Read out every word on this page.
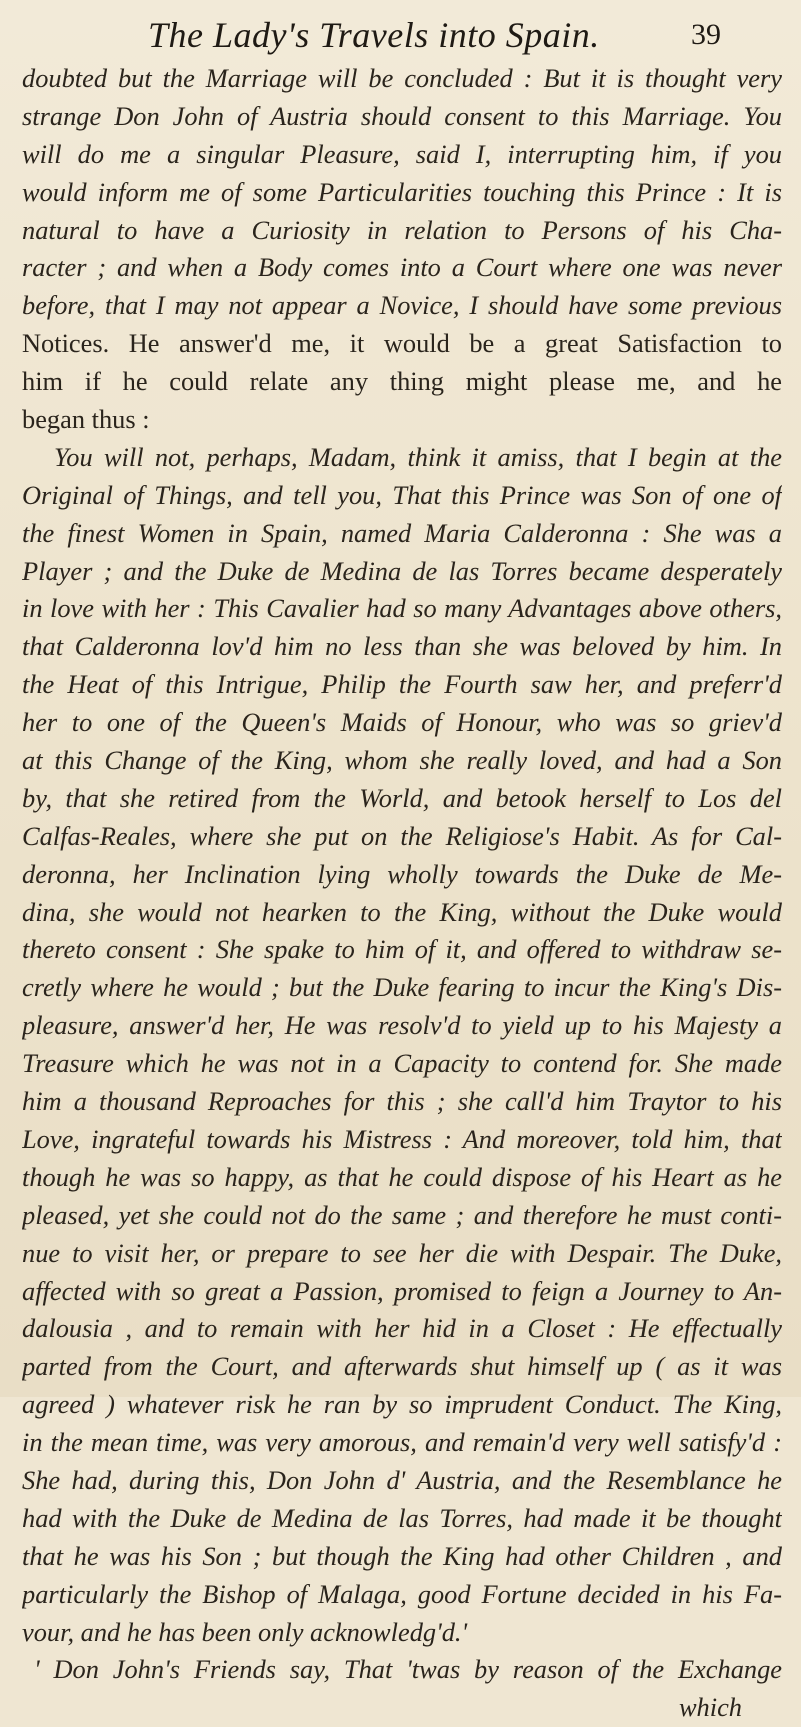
The Lady's Travels into Spain.	39
doubted but the Marriage will be concluded : But it is thought very
strange Don John of Austria should consent to this Marriage. You
will do me a singular Pleasure, said I, interrupting him, if you
would inform me of some Particularities touching this Prince : It is
natural to have a Curiosity in relation to Persons of his Cha-
racter ; and when a Body comes into a Court where one was never
before, that I may not appear a Novice, I should have some previous
Notices. He answer'd me, it would be a great Satisfaction to
him if he could relate any thing might please me, and he
began thus :
You will not, perhaps, Madam, think it amiss, that I begin at the
Original of Things, and tell you, That this Prince was Son of one of
the finest Women in Spain, named Maria Calderonna : She was a
Player ; and the Duke de Medina de las Torres became desperately
in love with her : This Cavalier had so many Advantages above others,
that Calderonna lov'd him no less than she was beloved by him. In
the Heat of this Intrigue, Philip the Fourth saw her, and preferr'd
her to one of the Queen's Maids of Honour, who was so griev'd
at this Change of the King, whom she really loved, and had a Son
by, that she retired from the World, and betook herself to Los del
Calfas-Reales, where she put on the Religiose's Habit. As for Cal-
deronna, her Inclination lying wholly towards the Duke de Me-
dina, she would not hearken to the King, without the Duke would
thereto consent : She spake to him of it, and offered to withdraw se-
cretly where he would ; but the Duke fearing to incur the King's Dis-
pleasure, answer'd her, He was resolv'd to yield up to his Majesty a
Treasure which he was not in a Capacity to contend for. She made
him a thousand Reproaches for this ; she call'd him Traytor to his
Love, ingrateful towards his Mistress : And moreover, told him, that
though he was so happy, as that he could dispose of his Heart as he
pleased, yet she could not do the same ; and therefore he must conti-
nue to visit her, or prepare to see her die with Despair. The Duke,
affected with so great a Passion, promised to feign a Journey to An-
dalousia , and to remain with her hid in a Closet : He effectually
parted from the Court, and afterwards shut himself up ( as it was
agreed ) whatever risk he ran by so imprudent Conduct. The King,
in the mean time, was very amorous, and remain'd very well satisfy'd :
She had, during this, Don John d' Austria, and the Resemblance he
had with the Duke de Medina de las Torres, had made it be thought
that he was his Son ; but though the King had other Children , and
particularly the Bishop of Malaga, good Fortune decided in his Fa-
vour, and he has been only acknowledg'd.'
' Don John's Friends say, That 'twas by reason of the Exchange
which
